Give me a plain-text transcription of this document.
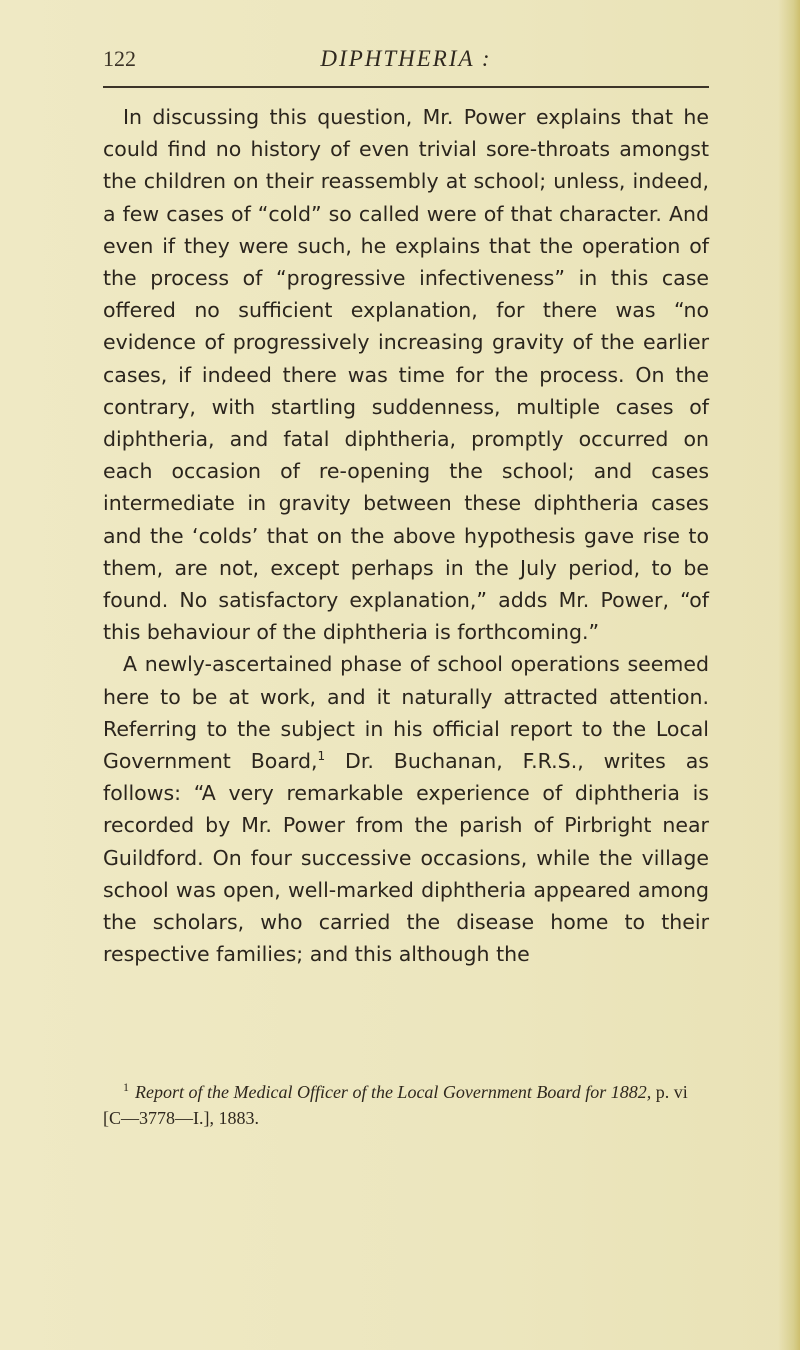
122	DIPHTHERIA :

In discussing this question, Mr. Power explains that he could find no history of even trivial sore-throats amongst the children on their reassembly at school; unless, indeed, a few cases of “cold” so called were of that character. And even if they were such, he explains that the operation of the process of “progressive infectiveness” in this case offered no sufficient explanation, for there was “no evidence of progressively increasing gravity of the earlier cases, if indeed there was time for the process. On the contrary, with startling suddenness, multiple cases of diphtheria, and fatal diphtheria, promptly occurred on each occasion of re-opening the school; and cases intermediate in gravity between these diphtheria cases and the ‘colds’ that on the above hypothesis gave rise to them, are not, except perhaps in the July period, to be found. No satisfactory explanation,” adds Mr. Power, “of this behaviour of the diphtheria is forthcoming.”

A newly-ascertained phase of school operations seemed here to be at work, and it naturally attracted attention. Referring to the subject in his official report to the Local Government Board,$^1$ Dr. Buchanan, F.R.S., writes as follows: “A very remarkable experience of diphtheria is recorded by Mr. Power from the parish of Pirbright near Guildford. On four successive occasions, while the village school was open, well-marked diphtheria appeared among the scholars, who carried the disease home to their respective families; and this although the

$^1$ Report of the Medical Officer of the Local Government Board for 1882, p. vi [C—3778—I.], 1883.
